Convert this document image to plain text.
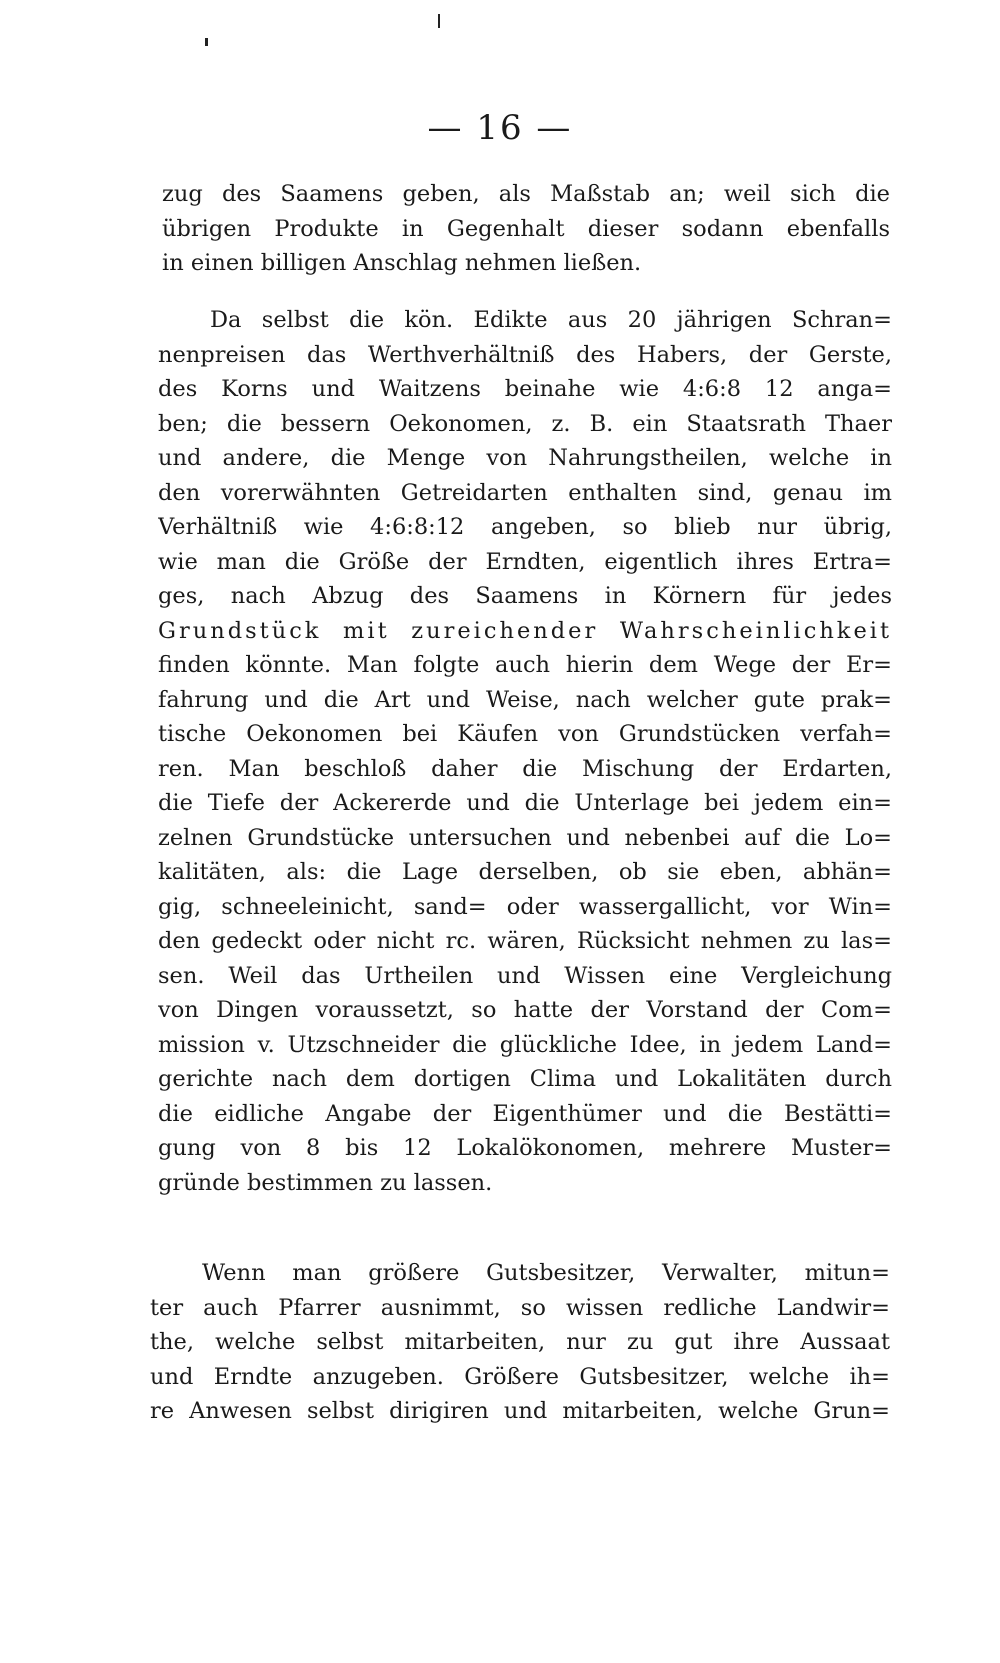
— 16 —
zug des Saamens geben, als Maßstab an; weil sich die
übrigen Produkte in Gegenhalt dieser sodann ebenfalls
in einen billigen Anschlag nehmen ließen.
Da selbst die kön. Edikte aus 20 jährigen Schran=
nenpreisen das Werthverhältniß des Habers, der Gerste,
des Korns und Waitzens beinahe wie 4:6:8 12 anga=
ben; die bessern Oekonomen, z. B. ein Staatsrath Thaer
und andere, die Menge von Nahrungstheilen, welche in
den vorerwähnten Getreidarten enthalten sind, genau im
Verhältniß wie 4:6:8:12 angeben, so blieb nur übrig,
wie man die Größe der Erndten, eigentlich ihres Ertra=
ges, nach Abzug des Saamens in Körnern für jedes
Grundstück mit zureichender Wahrscheinlichkeit
finden könnte. Man folgte auch hierin dem Wege der Er=
fahrung und die Art und Weise, nach welcher gute prak=
tische Oekonomen bei Käufen von Grundstücken verfah=
ren. Man beschloß daher die Mischung der Erdarten,
die Tiefe der Ackererde und die Unterlage bei jedem ein=
zelnen Grundstücke untersuchen und nebenbei auf die Lo=
kalitäten, als: die Lage derselben, ob sie eben, abhän=
gig, schneeleinicht, sand= oder wassergallicht, vor Win=
den gedeckt oder nicht rc. wären, Rücksicht nehmen zu las=
sen. Weil das Urtheilen und Wissen eine Vergleichung
von Dingen voraussetzt, so hatte der Vorstand der Com=
mission v. Utzschneider die glückliche Idee, in jedem Land=
gerichte nach dem dortigen Clima und Lokalitäten durch
die eidliche Angabe der Eigenthümer und die Bestätti=
gung von 8 bis 12 Lokalökonomen, mehrere Muster=
gründe bestimmen zu lassen.
Wenn man größere Gutsbesitzer, Verwalter, mitun=
ter auch Pfarrer ausnimmt, so wissen redliche Landwir=
the, welche selbst mitarbeiten, nur zu gut ihre Aussaat
und Erndte anzugeben. Größere Gutsbesitzer, welche ih=
re Anwesen selbst dirigiren und mitarbeiten, welche Grun=
